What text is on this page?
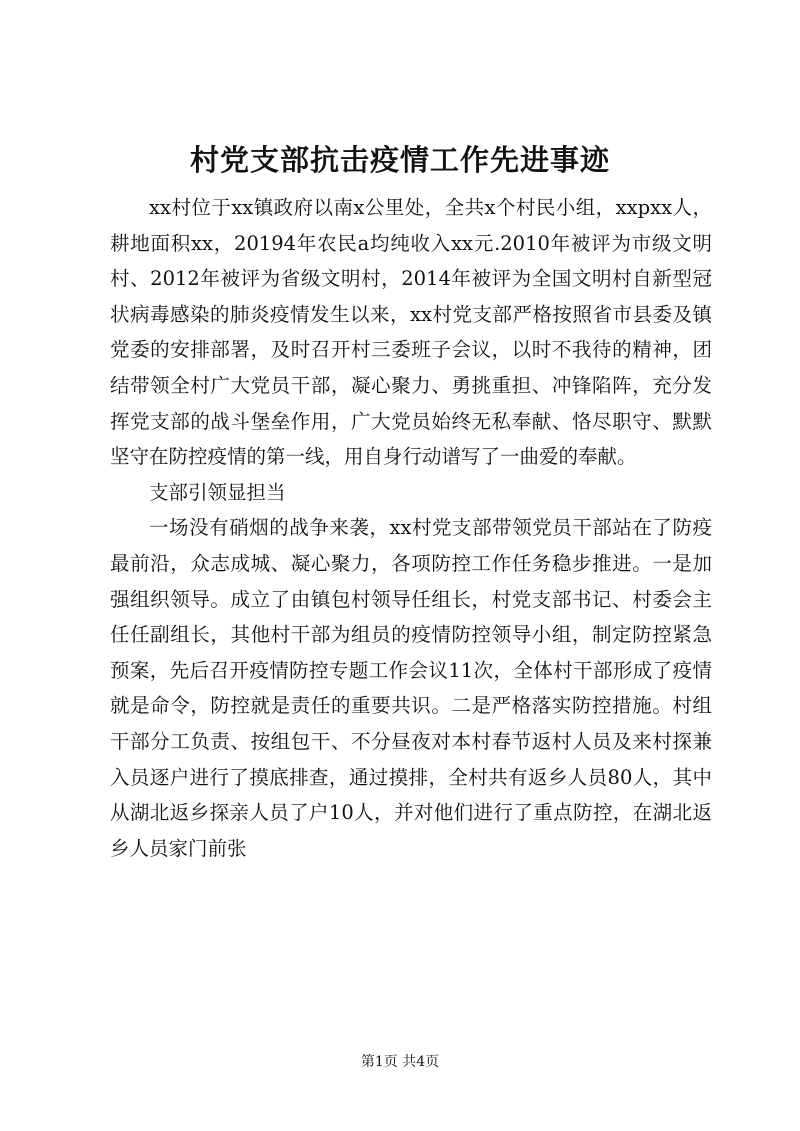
村党支部抗击疫情工作先进事迹

xx村位于xx镇政府以南x公里处，全共x个村民小组，xxpxx人，耕地面积xx，20194年农民a均纯收入xx元.2010年被评为市级文明村、2012年被评为省级文明村，2014年被评为全国文明村自新型冠状病毒感染的肺炎疫情发生以来，xx村党支部严格按照省市县委及镇党委的安排部署，及时召开村三委班子会议，以时不我待的精神，团结带领全村广大党员干部，凝心聚力、勇挑重担、冲锋陷阵，充分发挥党支部的战斗堡垒作用，广大党员始终无私奉献、恪尽职守、默默坚守在防控疫情的第一线，用自身行动谱写了一曲爱的奉献。

支部引领显担当

一场没有硝烟的战争来袭，xx村党支部带领党员干部站在了防疫最前沿，众志成城、凝心聚力，各项防控工作任务稳步推进。一是加强组织领导。成立了由镇包村领导任组长，村党支部书记、村委会主任任副组长，其他村干部为组员的疫情防控领导小组，制定防控紧急预案，先后召开疫情防控专题工作会议11次，全体村干部形成了疫情就是命令，防控就是责任的重要共识。二是严格落实防控措施。村组干部分工负责、按组包干、不分昼夜对本村春节返村人员及来村探兼入员逐户进行了摸底排查，通过摸排，全村共有返乡人员80人，其中从湖北返乡探亲人员了户10人，并对他们进行了重点防控，在湖北返乡人员家门前张

第1页 共4页
